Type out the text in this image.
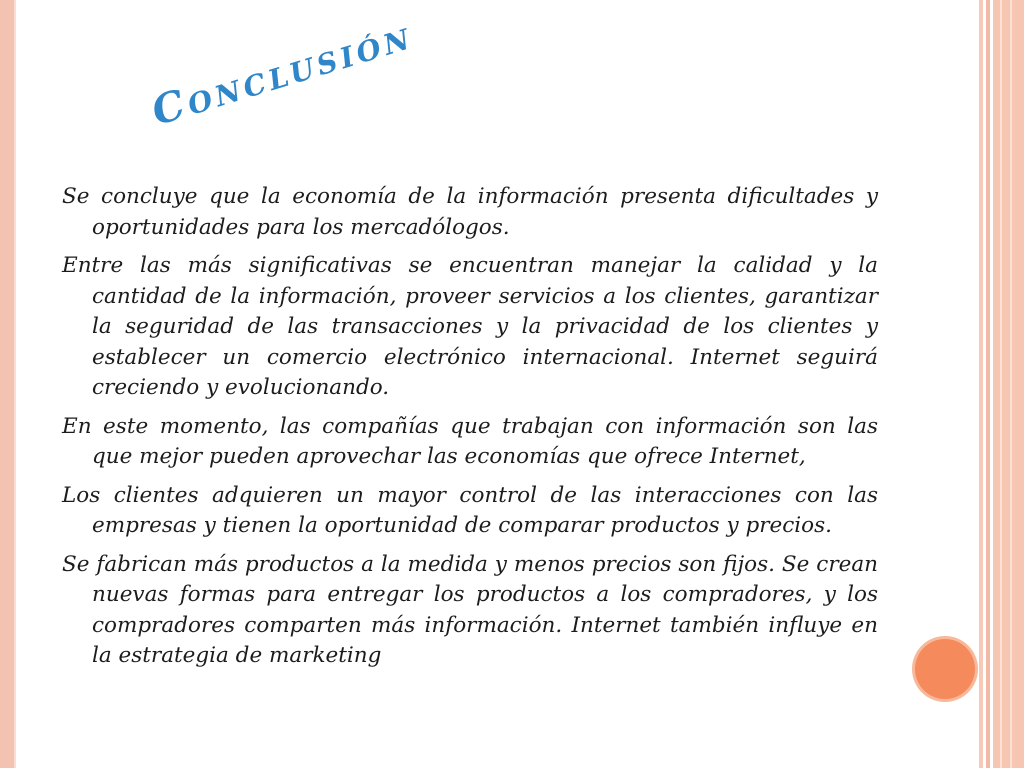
Conclusión

Se concluye que la economía de la información presenta dificultades y oportunidades para los mercadólogos.

Entre las más significativas se encuentran manejar la calidad y la cantidad de la información, proveer servicios a los clientes, garantizar la seguridad de las transacciones y la privacidad de los clientes y establecer un comercio electrónico internacional. Internet seguirá creciendo y evolucionando.

En este momento, las compañías que trabajan con información son las que mejor pueden aprovechar las economías que ofrece Internet,

Los clientes adquieren un mayor control de las interacciones con las empresas y tienen la oportunidad de comparar productos y precios.

Se fabrican más productos a la medida y menos precios son fijos. Se crean nuevas formas para entregar los productos a los compradores, y los compradores comparten más información. Internet también influye en la estrategia de marketing
